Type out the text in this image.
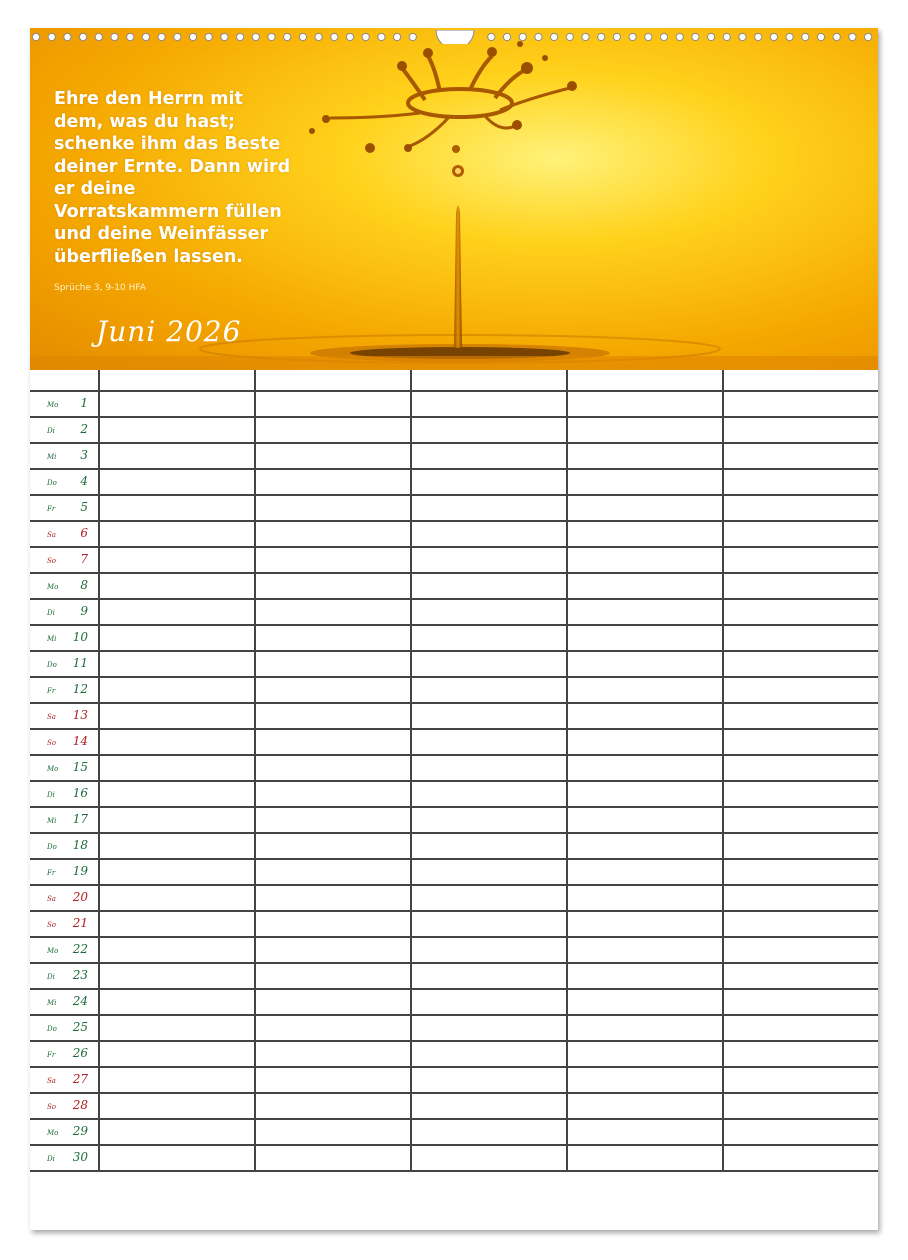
Ehre den Herrn mit
dem, was du hast;
schenke ihm das Beste
deiner Ernte. Dann wird
er deine
Vorratskammern füllen
und deine Weinfässer
überfließen lassen.
Sprüche 3, 9-10 HFA
Juni 2026

Mo 1					

Di 2					

Mi 3					

Do 4					

Fr 5					

Sa 6					

So 7					

Mo 8					

Di 9					

Mi 10					

Do 11					

Fr 12					

Sa 13					

So 14					

Mo 15					

Di 16					

Mi 17					

Do 18					

Fr 19					

Sa 20					

So 21					

Mo 22					

Di 23					

Mi 24					

Do 25					

Fr 26					

Sa 27					

So 28					

Mo 29					

Di 30					
